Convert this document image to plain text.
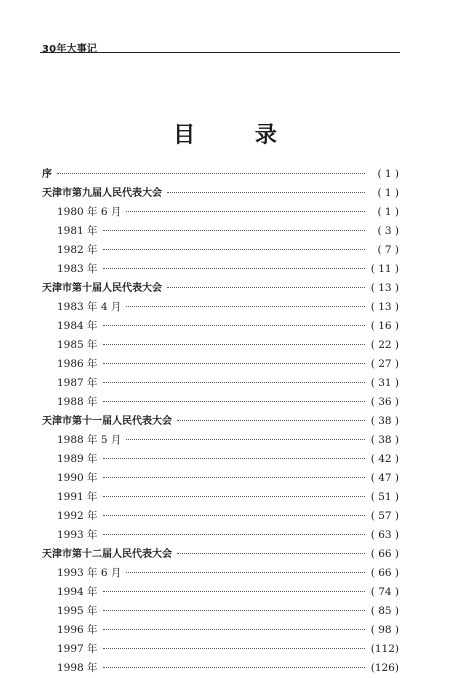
30年大事记
目 录
序	( 1 )
天津市第九届人民代表大会	( 1 )
1980 年 6 月	( 1 )
1981 年	( 3 )
1982 年	( 7 )
1983 年	( 11 )
天津市第十届人民代表大会	( 13 )
1983 年 4 月	( 13 )
1984 年	( 16 )
1985 年	( 22 )
1986 年	( 27 )
1987 年	( 31 )
1988 年	( 36 )
天津市第十一届人民代表大会	( 38 )
1988 年 5 月	( 38 )
1989 年	( 42 )
1990 年	( 47 )
1991 年	( 51 )
1992 年	( 57 )
1993 年	( 63 )
天津市第十二届人民代表大会	( 66 )
1993 年 6 月	( 66 )
1994 年	( 74 )
1995 年	( 85 )
1996 年	( 98 )
1997 年	(112)
1998 年	(126)
